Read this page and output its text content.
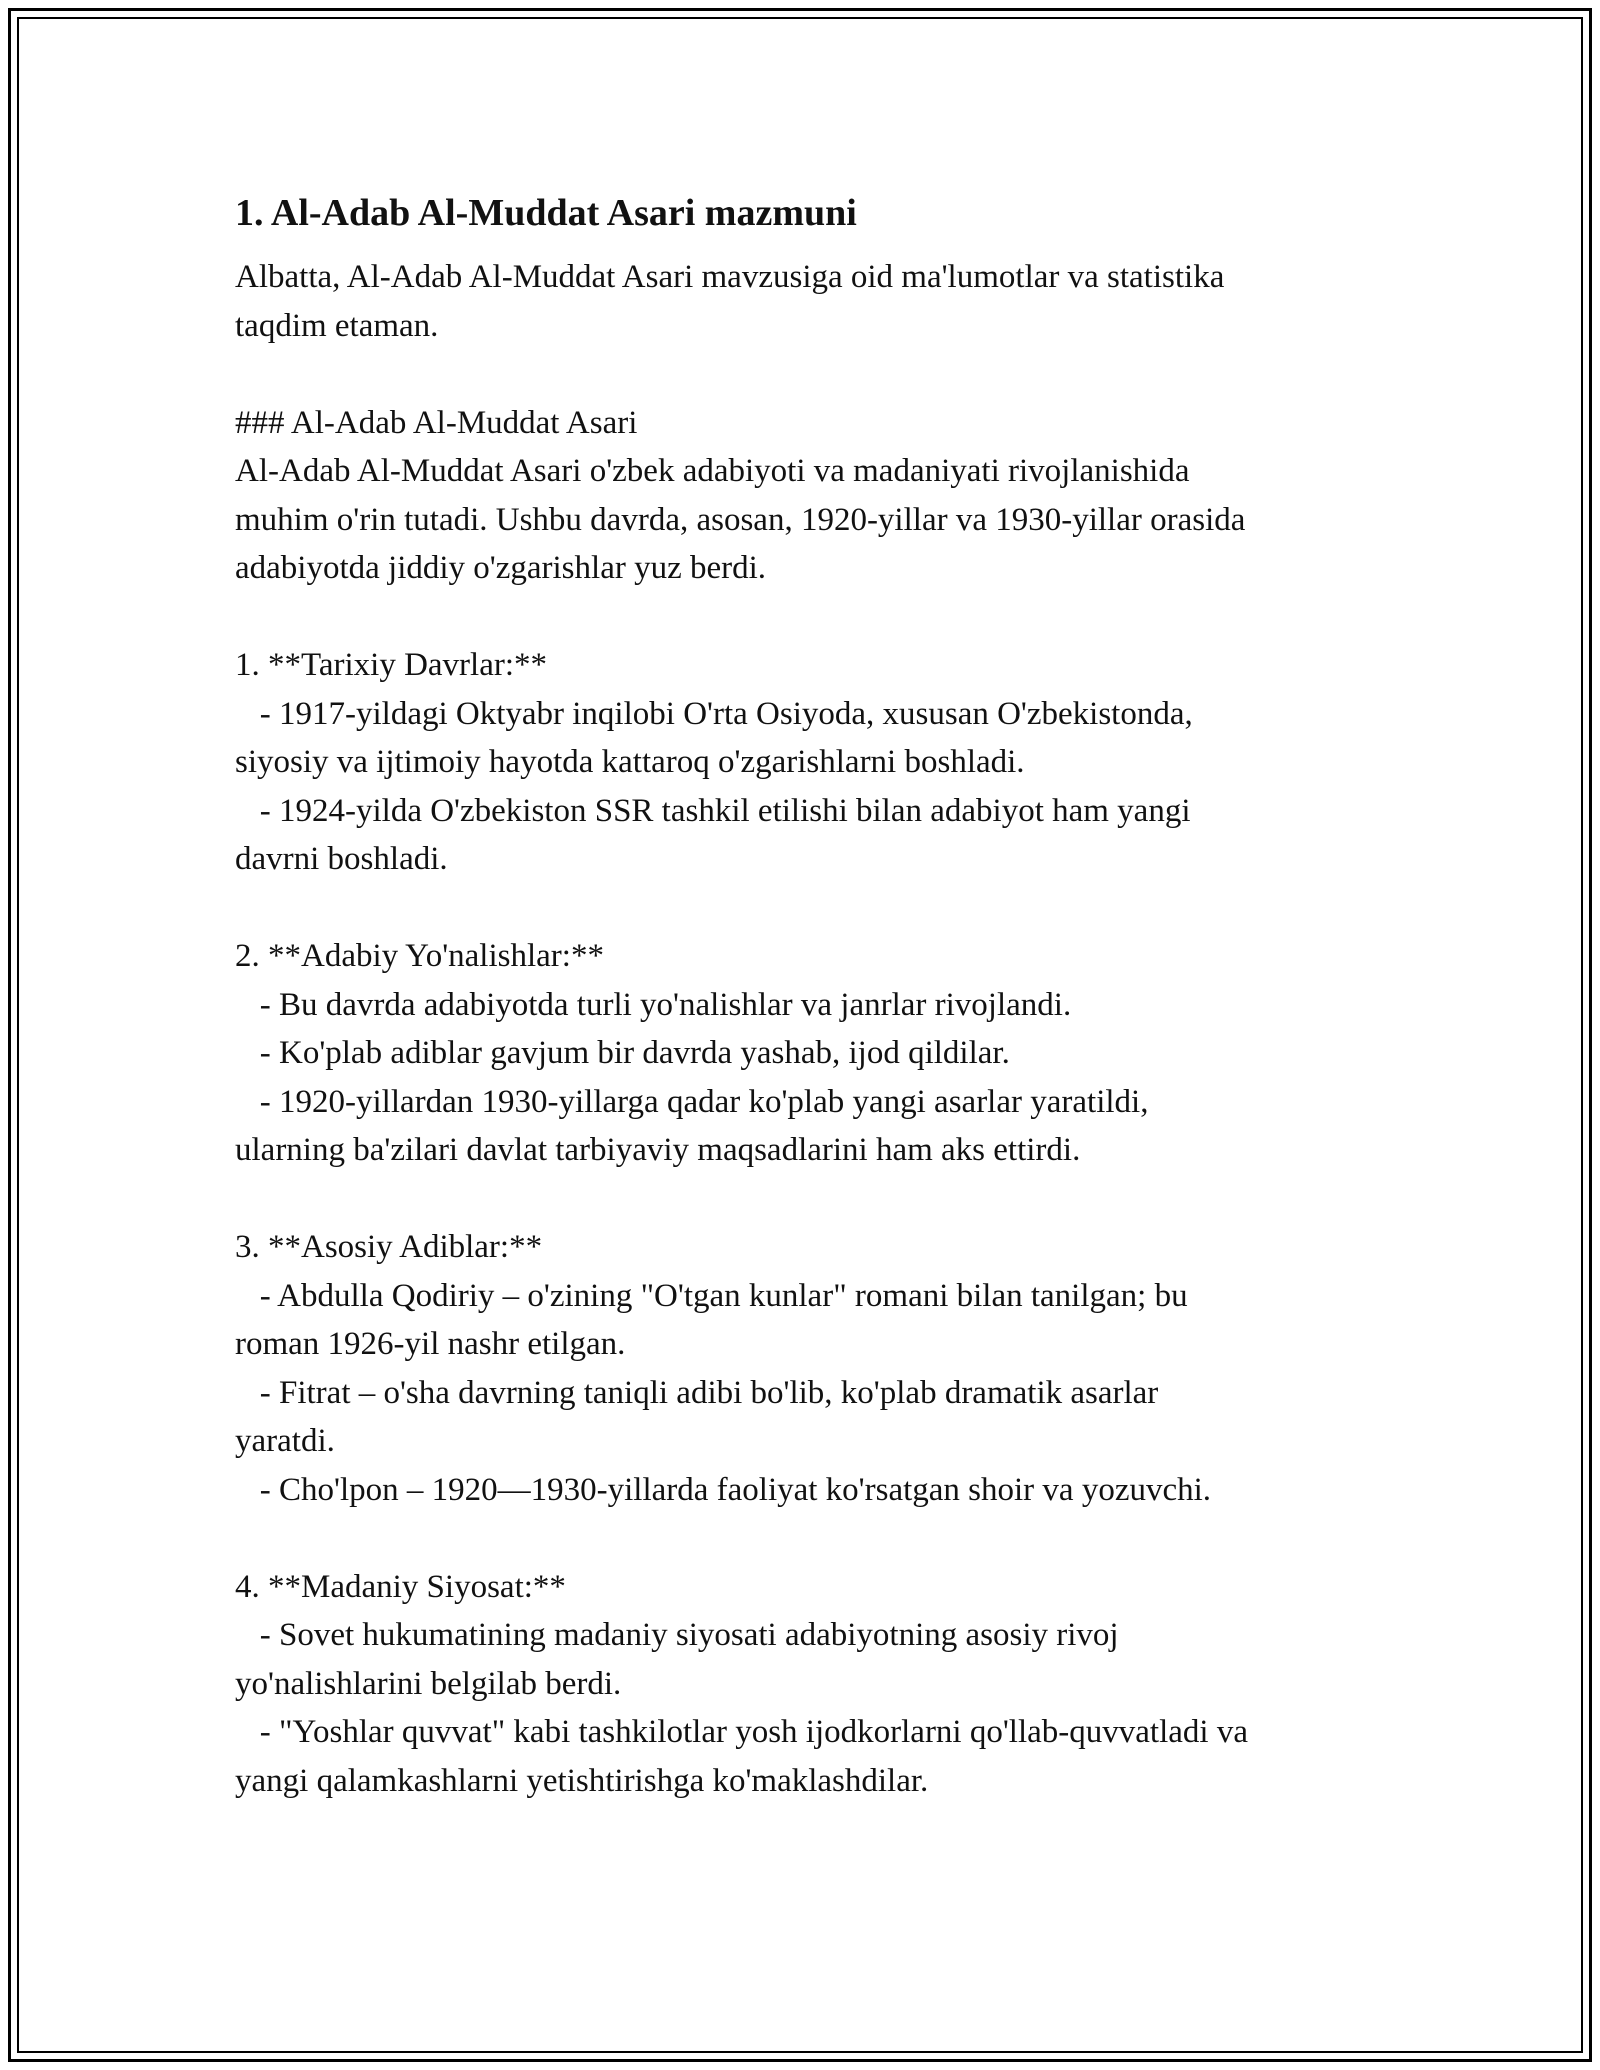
1. Al-Adab Al-Muddat Asari mazmuni
Albatta, Al-Adab Al-Muddat Asari mavzusiga oid ma'lumotlar va statistika
taqdim etaman.
### Al-Adab Al-Muddat Asari
Al-Adab Al-Muddat Asari o'zbek adabiyoti va madaniyati rivojlanishida
muhim o'rin tutadi. Ushbu davrda, asosan, 1920-yillar va 1930-yillar orasida
adabiyotda jiddiy o'zgarishlar yuz berdi.
1. **Tarixiy Davrlar:**
- 1917-yildagi Oktyabr inqilobi O'rta Osiyoda, xususan O'zbekistonda,
siyosiy va ijtimoiy hayotda kattaroq o'zgarishlarni boshladi.
- 1924-yilda O'zbekiston SSR tashkil etilishi bilan adabiyot ham yangi
davrni boshladi.
2. **Adabiy Yo'nalishlar:**
- Bu davrda adabiyotda turli yo'nalishlar va janrlar rivojlandi.
- Ko'plab adiblar gavjum bir davrda yashab, ijod qildilar.
- 1920-yillardan 1930-yillarga qadar ko'plab yangi asarlar yaratildi,
ularning ba'zilari davlat tarbiyaviy maqsadlarini ham aks ettirdi.
3. **Asosiy Adiblar:**
- Abdulla Qodiriy – o'zining "O'tgan kunlar" romani bilan tanilgan; bu
roman 1926-yil nashr etilgan.
- Fitrat – o'sha davrning taniqli adibi bo'lib, ko'plab dramatik asarlar
yaratdi.
- Cho'lpon – 1920—1930-yillarda faoliyat ko'rsatgan shoir va yozuvchi.
4. **Madaniy Siyosat:**
- Sovet hukumatining madaniy siyosati adabiyotning asosiy rivoj
yo'nalishlarini belgilab berdi.
- "Yoshlar quvvat" kabi tashkilotlar yosh ijodkorlarni qo'llab-quvvatladi va
yangi qalamkashlarni yetishtirishga ko'maklashdilar.
